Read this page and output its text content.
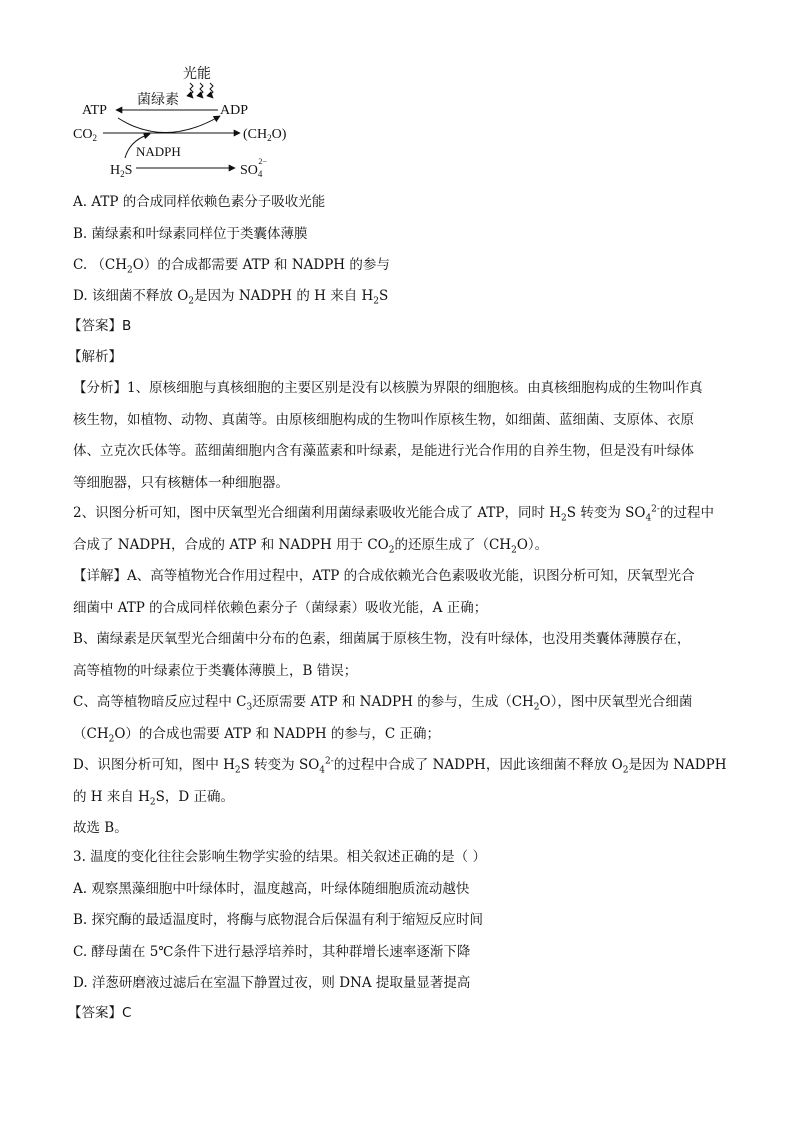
光能
ATP
菌绿素
ADP
$CO_2$	$(CH_2O)$
NADPH
$H_2S$	$SO_42-$
A. ATP 的合成同样依赖色素分子吸收光能
B. 菌绿素和叶绿素同样位于类囊体薄膜
C. $(CH_2O)$的合成都需要 ATP 和 NADPH 的参与
D. 该细菌不释放 $O_2$是因为 NADPH 的 H 来自 $H_2S$
【答案】B
【解析】
【分析】1、原核细胞与真核细胞的主要区别是没有以核膜为界限的细胞核。由真核细胞构成的生物叫作真
核生物，如植物、动物、真菌等。由原核细胞构成的生物叫作原核生物，如细菌、蓝细菌、支原体、衣原
体、立克次氏体等。蓝细菌细胞内含有藻蓝素和叶绿素，是能进行光合作用的自养生物，但是没有叶绿体
等细胞器，只有核糖体一种细胞器。
2、识图分析可知，图中厌氧型光合细菌利用菌绿素吸收光能合成了 ATP，同时 $H_2S$ 转变为 $SO_4^{2-}$的过程中
合成了 NADPH，合成的 ATP 和 NADPH 用于 $CO_2$的还原生成了$(CH_2O)$。
【详解】A、高等植物光合作用过程中，ATP 的合成依赖光合色素吸收光能，识图分析可知，厌氧型光合
细菌中 ATP 的合成同样依赖色素分子（菌绿素）吸收光能，A 正确；
B、菌绿素是厌氧型光合细菌中分布的色素，细菌属于原核生物，没有叶绿体，也没用类囊体薄膜存在，
高等植物的叶绿素位于类囊体薄膜上，B 错误；
C、高等植物暗反应过程中 $C_3$还原需要 ATP 和 NADPH 的参与，生成$(CH_2O)$，图中厌氧型光合细菌
$(CH_2O)$的合成也需要 ATP 和 NADPH 的参与，C 正确；
D、识图分析可知，图中 $H_2S$ 转变为 $SO_4^{2-}$的过程中合成了 NADPH，因此该细菌不释放 $O_2$是因为 NADPH
的 H 来自 $H_2S$，D 正确。
故选 B。
3. 温度的变化往往会影响生物学实验的结果。相关叙述正确的是（ ）
A. 观察黑藻细胞中叶绿体时，温度越高，叶绿体随细胞质流动越快
B. 探究酶的最适温度时，将酶与底物混合后保温有利于缩短反应时间
C. 酵母菌在 5℃条件下进行悬浮培养时，其种群增长速率逐渐下降
D. 洋葱研磨液过滤后在室温下静置过夜，则 DNA 提取量显著提高
【答案】C
